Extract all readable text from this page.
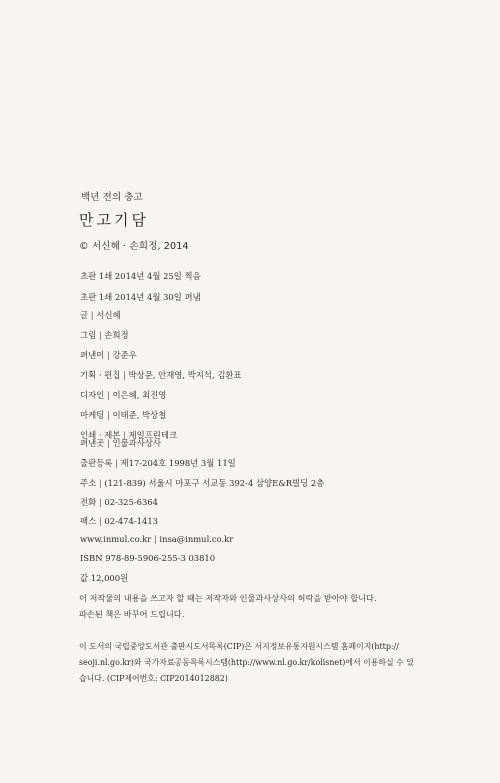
백년 전의 충고
만고기담
© 서신혜 · 손희정, 2014
초판 1쇄 2014년 4월 25일 찍음
초판 1쇄 2014년 4월 30일 펴냄
글 | 서신혜
그림 | 손희정
펴낸이 | 강준우
기획 · 편집 | 박상문, 안재영, 박지석, 김환표
디자인 | 이은혜, 최진영
마케팅 | 이태준, 박상철
인쇄 · 제본 | 제일프린테크
펴낸곳 | 인물과사상사
출판등록 | 제17-204호 1998년 3월 11일
주소 | (121-839) 서울시 마포구 서교동 392-4 삼양E&R빌딩 2층
전화 | 02-325-6364
팩스 | 02-474-1413
www.inmul.co.kr | insa@inmul.co.kr
ISBN 978-89-5906-255-3 03810
값 12,000원
이 저작물의 내용을 쓰고자 할 때는 저작자와 인물과사상사의 허락을 받아야 합니다.
파손된 책은 바꾸어 드립니다.
이 도서의 국립중앙도서관 출판시도서목록(CIP)은 서지정보유통지원시스템 홈페이지(http://
seoji.nl.go.kr)와 국가자료공동목록시스템(http://www.nl.go.kr/kolisnet)에서 이용하실 수 있
습니다. (CIP제어번호: CIP2014012882)
